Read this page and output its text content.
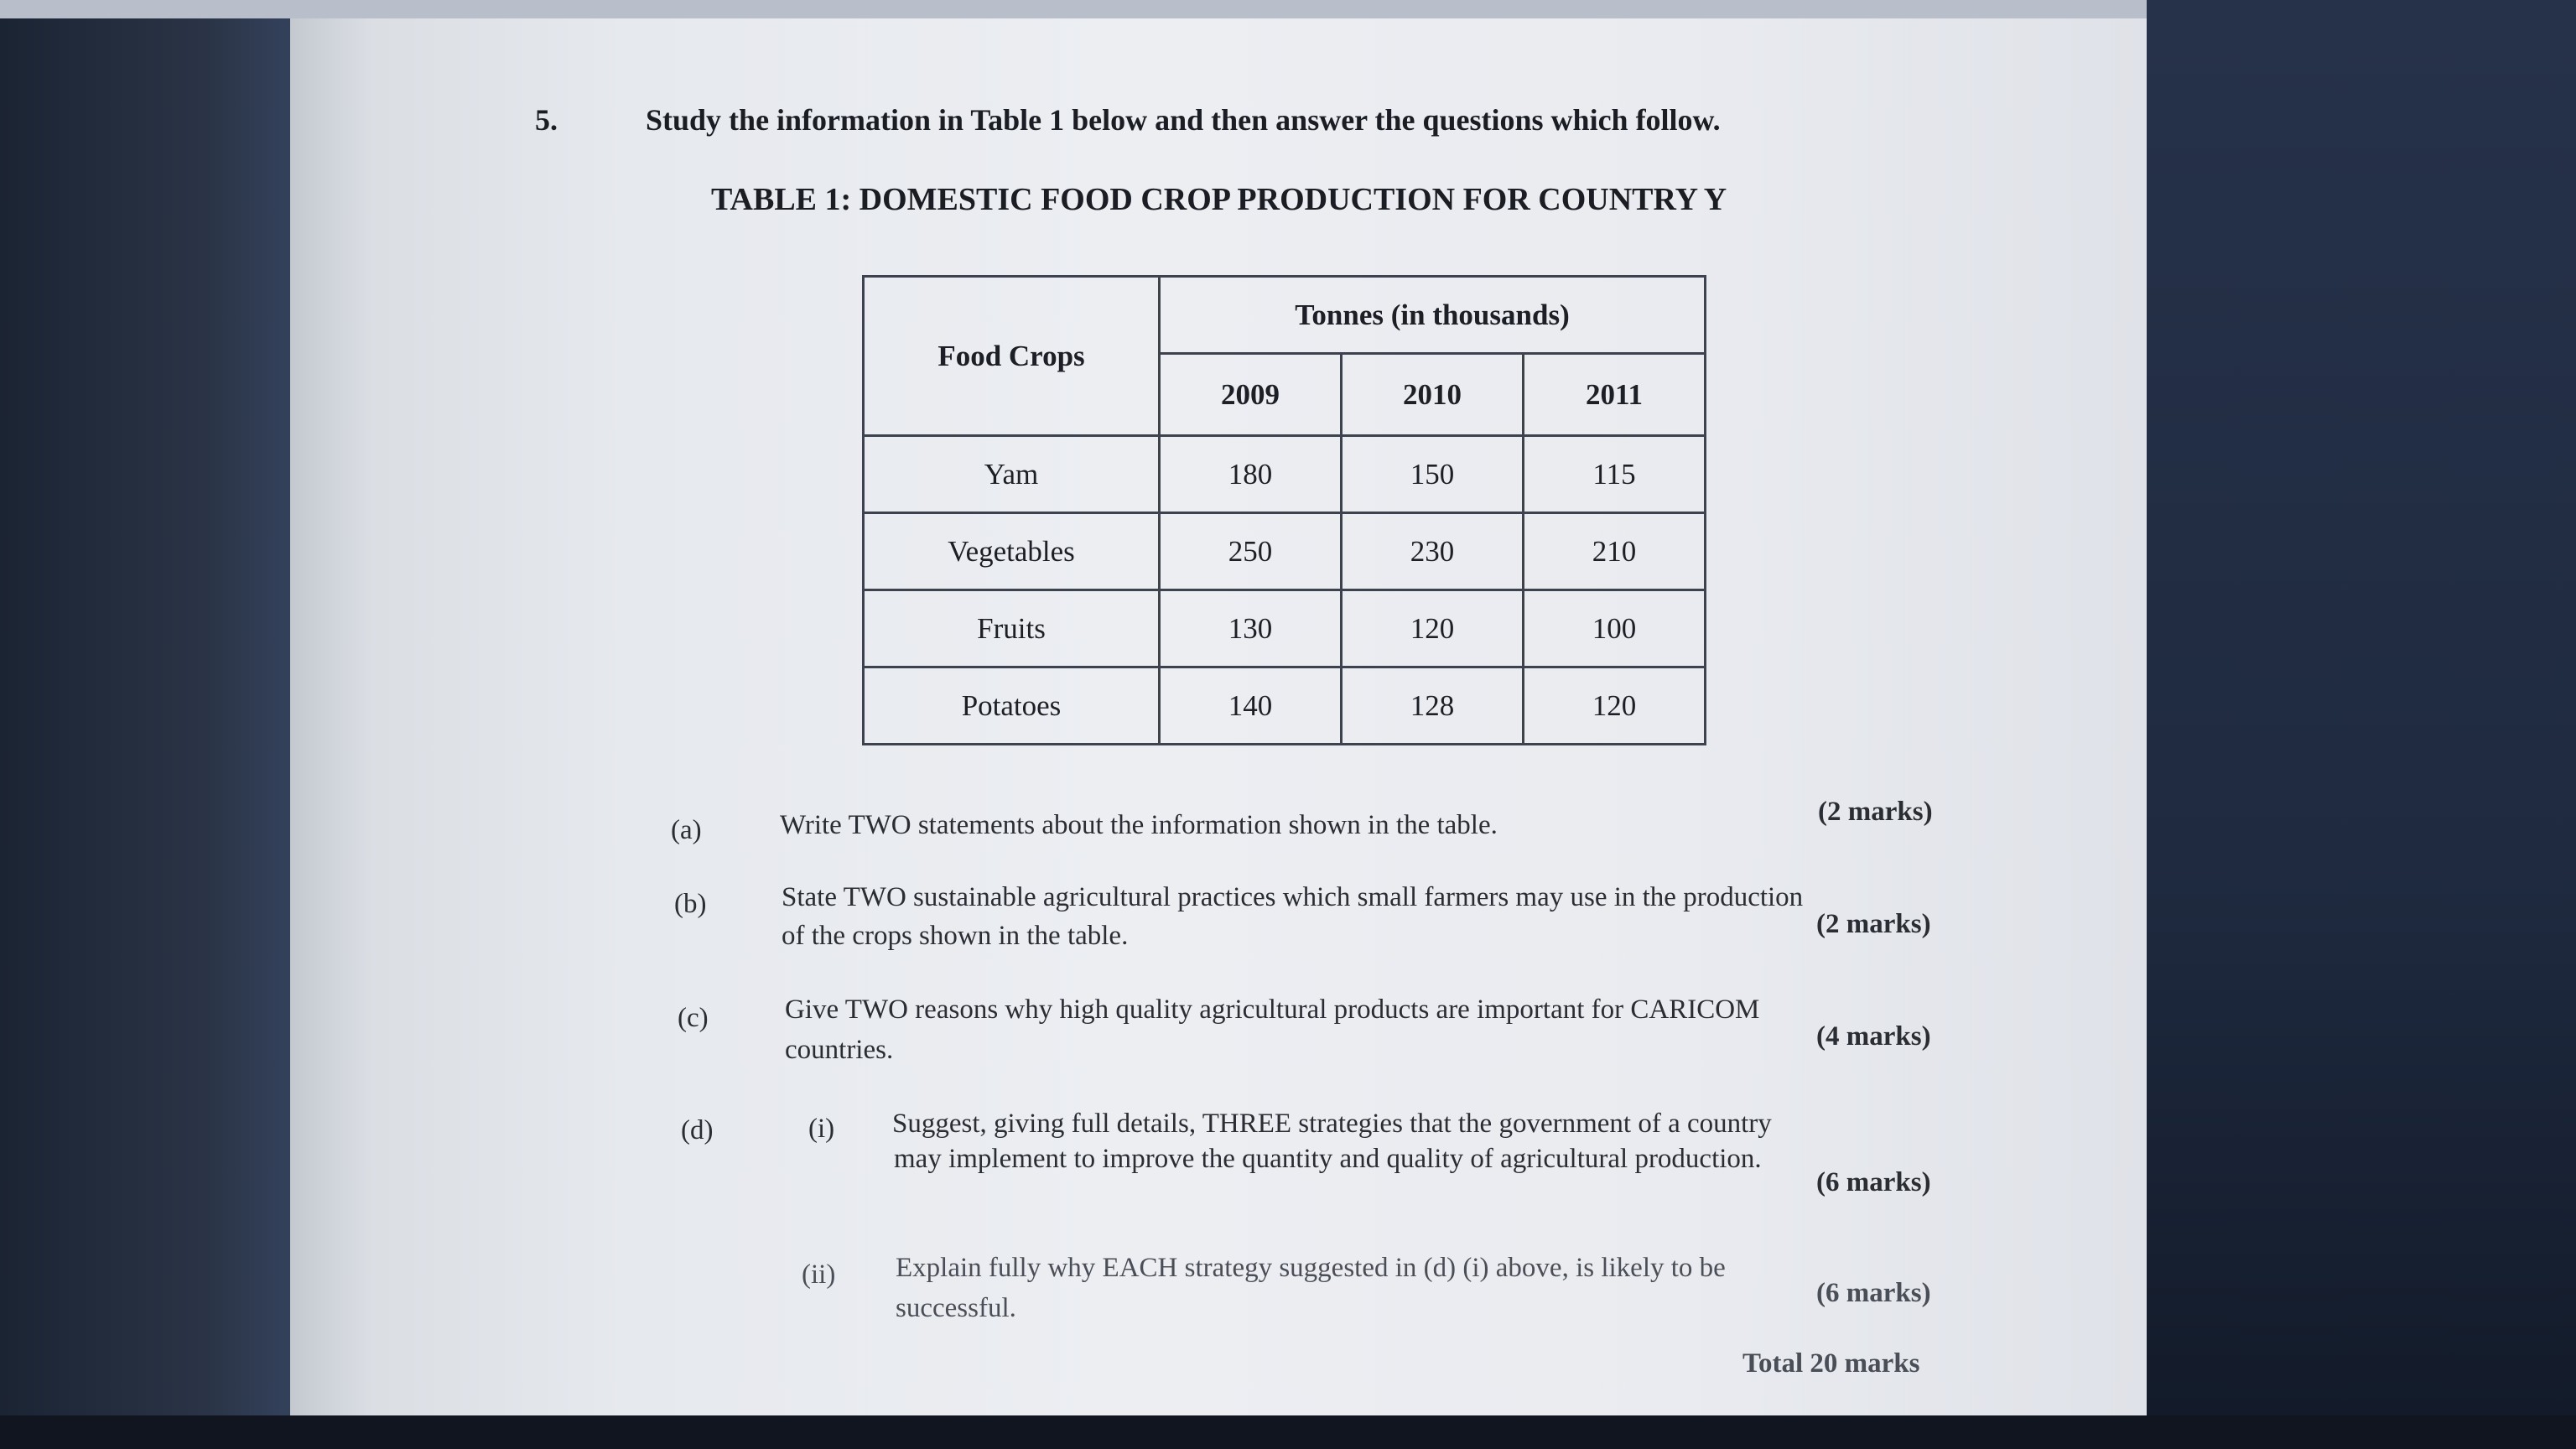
5.	Study the information in Table 1 below and then answer the questions which follow.
TABLE 1: DOMESTIC FOOD CROP PRODUCTION FOR COUNTRY Y
Food Crops	Tonnes (in thousands)		
	2009	2010	2011
Yam	180	150	115
Vegetables	250	230	210
Fruits	130	120	100
Potatoes	140	128	120
(a)	Write TWO statements about the information shown in the table.	(2 marks)
(b)	State TWO sustainable agricultural practices which small farmers may use in the production
of the crops shown in the table.	(2 marks)
(c)	Give TWO reasons why high quality agricultural products are important for CARICOM
countries.	(4 marks)
(d)	(i) Suggest, giving full details, THREE strategies that the government of a country
may implement to improve the quantity and quality of agricultural production.
(6 marks)
(ii) Explain fully why EACH strategy suggested in (d) (i) above, is likely to be
successful.	(6 marks)
Total 20 marks
